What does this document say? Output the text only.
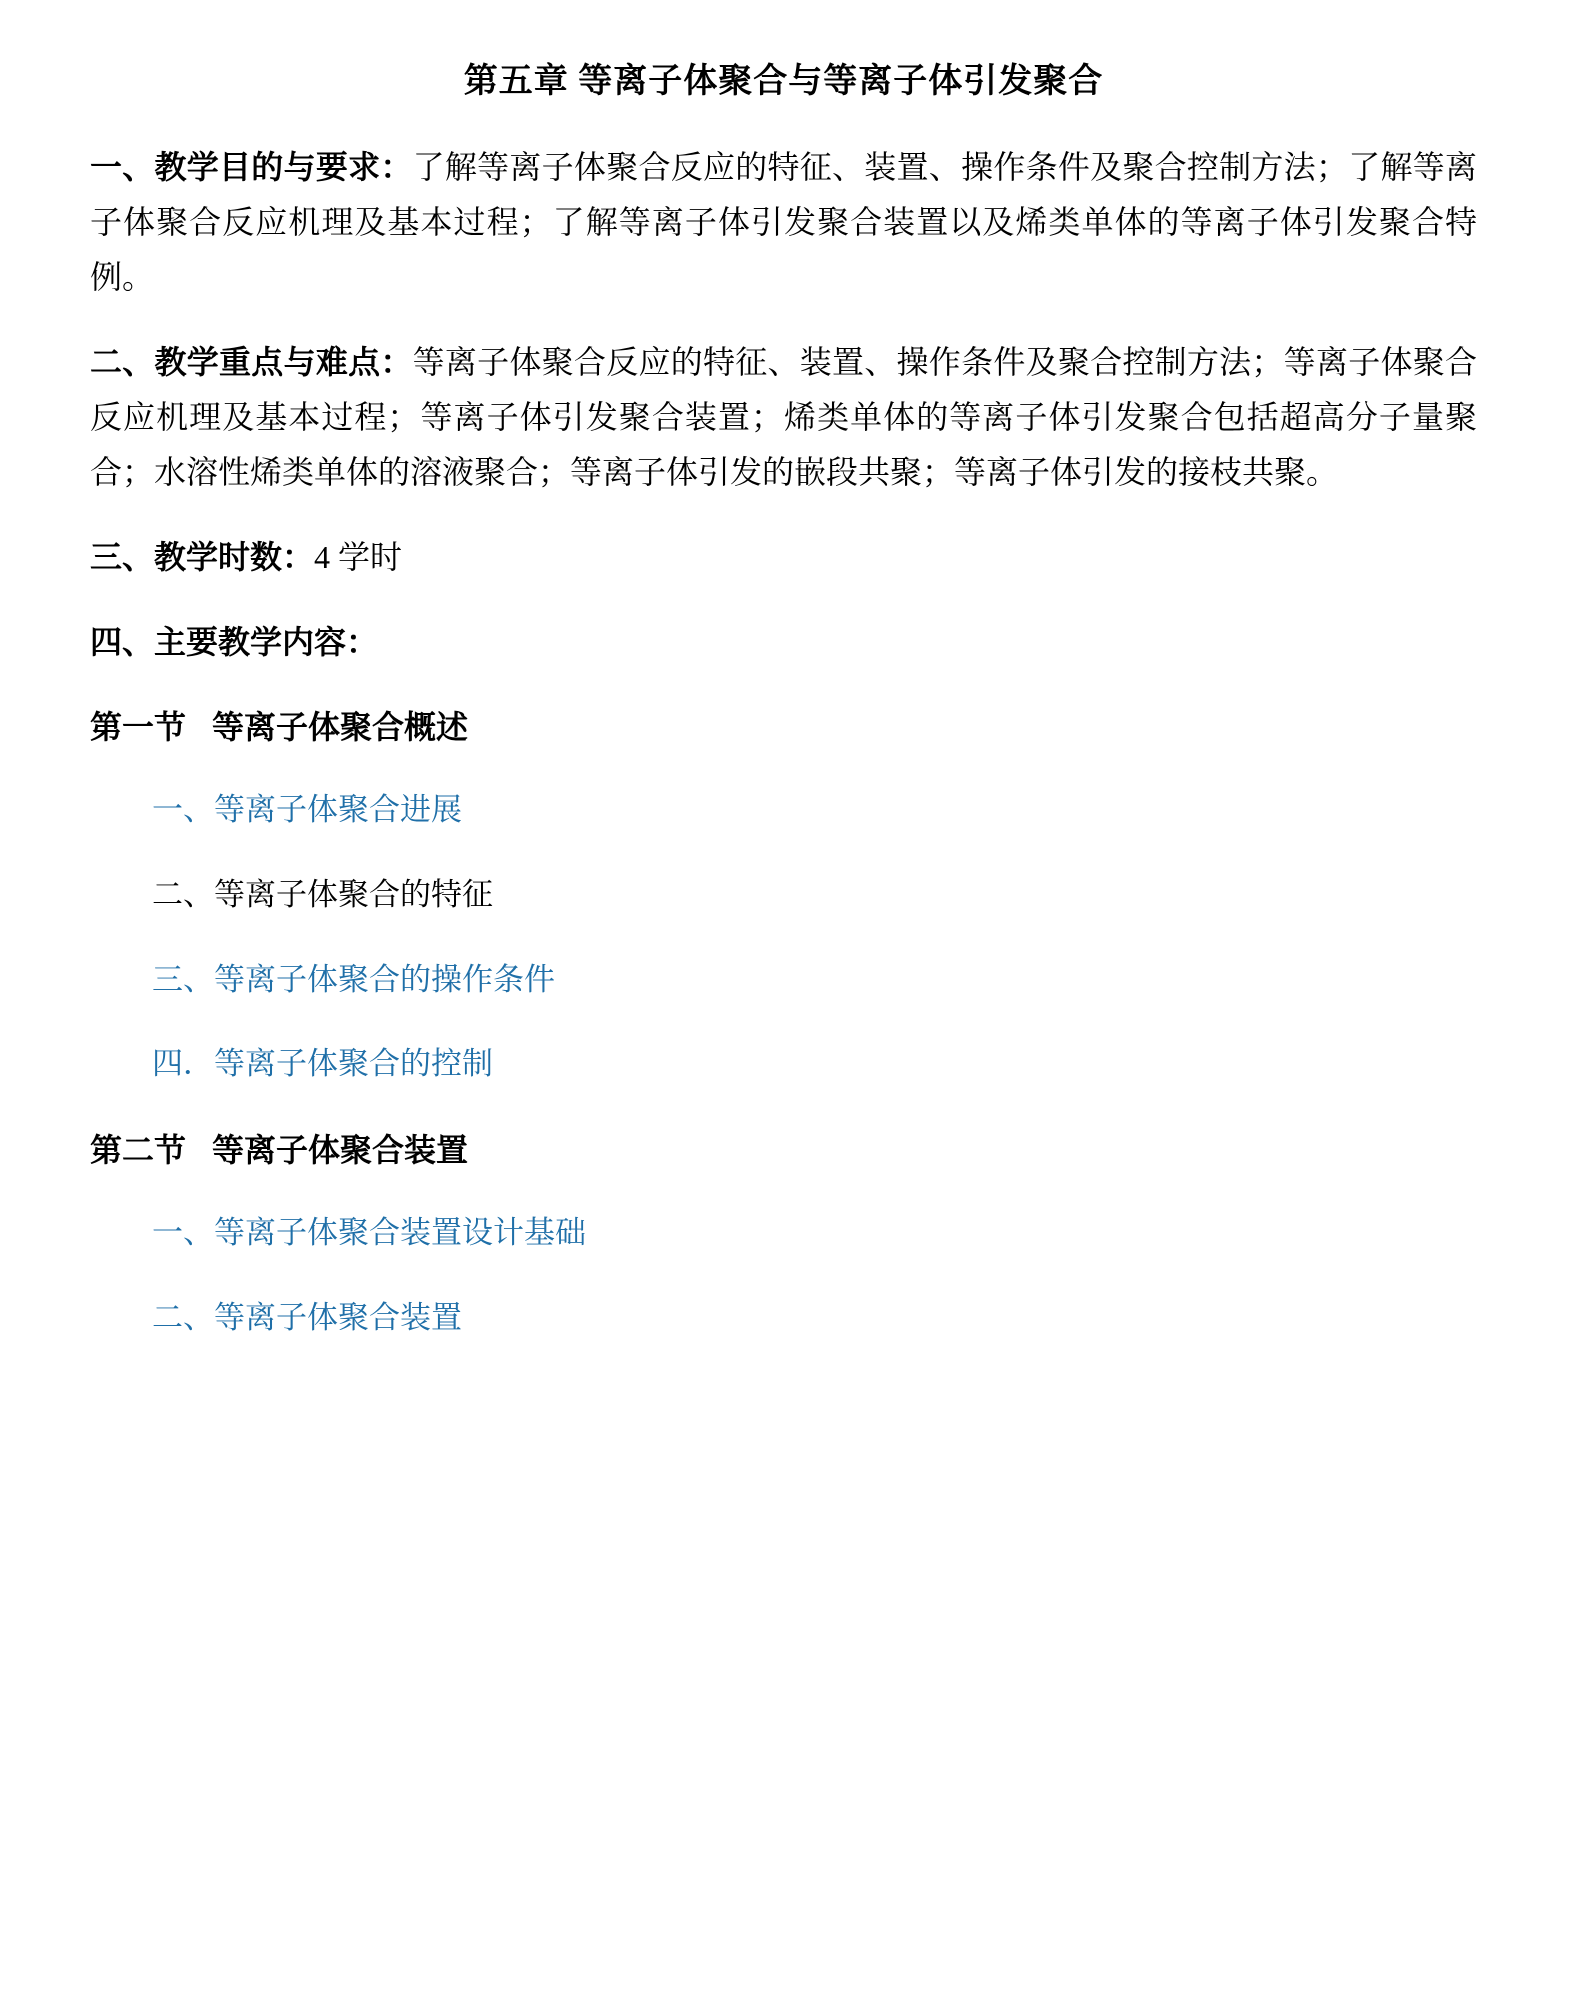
第五章 等离子体聚合与等离子体引发聚合

一、教学目的与要求：了解等离子体聚合反应的特征、装置、操作条件及聚合控制方法；了解等离子体聚合反应机理及基本过程；了解等离子体引发聚合装置以及烯类单体的等离子体引发聚合特例。

二、教学重点与难点：等离子体聚合反应的特征、装置、操作条件及聚合控制方法；等离子体聚合反应机理及基本过程；等离子体引发聚合装置；烯类单体的等离子体引发聚合包括超高分子量聚合；水溶性烯类单体的溶液聚合；等离子体引发的嵌段共聚；等离子体引发的接枝共聚。

三、教学时数：4 学时

四、主要教学内容：

第一节 等离子体聚合概述

一、等离子体聚合进展

二、等离子体聚合的特征

三、等离子体聚合的操作条件

四．等离子体聚合的控制

第二节 等离子体聚合装置

一、等离子体聚合装置设计基础

二、等离子体聚合装置
